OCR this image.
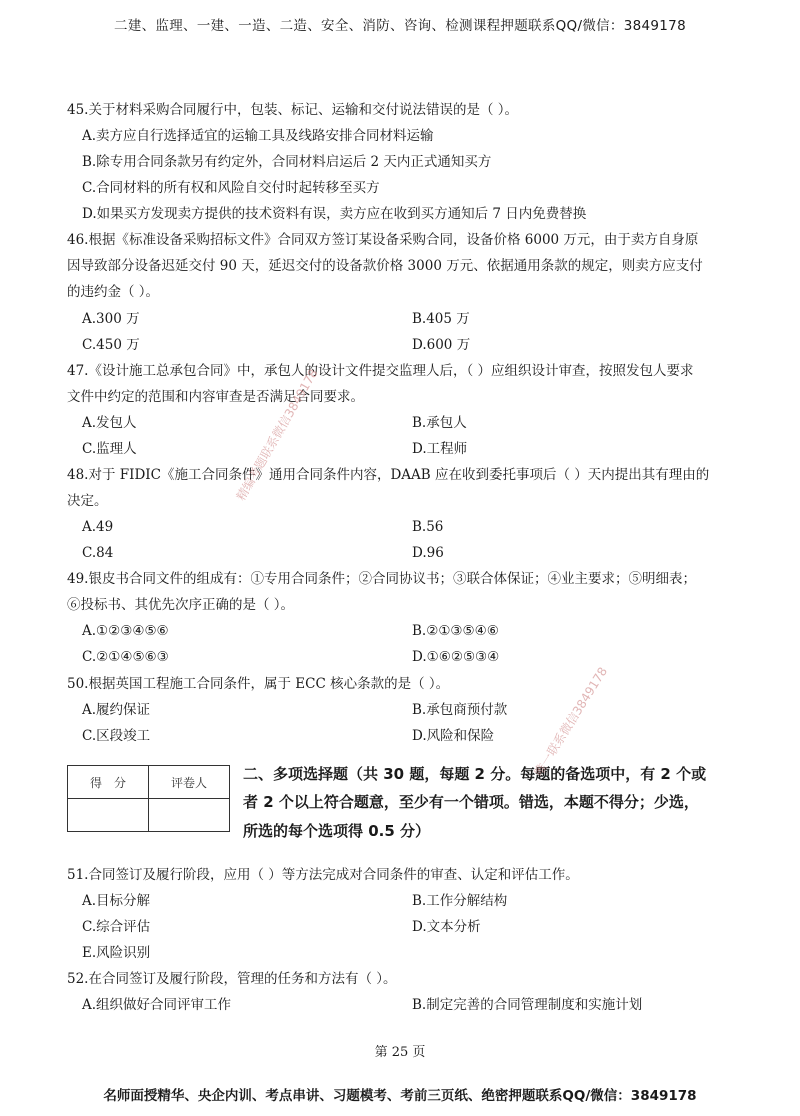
二建、监理、一建、一造、二造、安全、消防、咨询、检测课程押题联系QQ/微信：3849178
45.关于材料采购合同履行中，包装、标记、运输和交付说法错误的是（ ）。
A.卖方应自行选择适宜的运输工具及线路安排合同材料运输
B.除专用合同条款另有约定外，合同材料启运后 2 天内正式通知买方
C.合同材料的所有权和风险自交付时起转移至买方
D.如果买方发现卖方提供的技术资料有误，卖方应在收到买方通知后 7 日内免费替换
46.根据《标准设备采购招标文件》合同双方签订某设备采购合同，设备价格 6000 万元，由于卖方自身原
因导致部分设备迟延交付 90 天，延迟交付的设备款价格 3000 万元、依据通用条款的规定，则卖方应支付
的违约金（ ）。
A.300 万	B.405 万
C.450 万	D.600 万
47.《设计施工总承包合同》中，承包人的设计文件提交监理人后，（ ）应组织设计审查，按照发包人要求
文件中约定的范围和内容审查是否满足合同要求。
A.发包人	B.承包人
C.监理人	D.工程师
48.对于 FIDIC《施工合同条件》通用合同条件内容，DAAB 应在收到委托事项后（ ）天内提出其有理由的
决定。
A.49	B.56
C.84	D.96
49.银皮书合同文件的组成有：①专用合同条件；②合同协议书；③联合体保证；④业主要求；⑤明细表；
⑥投标书、其优先次序正确的是（ ）。
A.①②③④⑤⑥	B.②①③⑤④⑥
C.②①④⑤⑥③	D.①⑥②⑤③④
50.根据英国工程施工合同条件，属于 ECC 核心条款的是（ ）。
A.履约保证	B.承包商预付款
C.区段竣工	D.风险和保险
得　分	评卷人
	二、多项选择题（共 30 题，每题 2 分。每题的备选项中，有 2 个或
者 2 个以上符合题意，至少有一个错项。错选，本题不得分；少选，
所选的每个选项得 0.5 分）
51.合同签订及履行阶段，应用（ ）等方法完成对合同条件的审查、认定和评估工作。
A.目标分解	B.工作分解结构
C.综合评估	D.文本分析
E.风险识别
52.在合同签订及履行阶段，管理的任务和方法有（ ）。
A.组织做好合同评审工作	B.制定完善的合同管理制度和实施计划
精编考题联系微信3849178
唯一联系微信3849178
第 25 页
名师面授精华、央企内训、考点串讲、习题模考、考前三页纸、绝密押题联系QQ/微信：3849178
